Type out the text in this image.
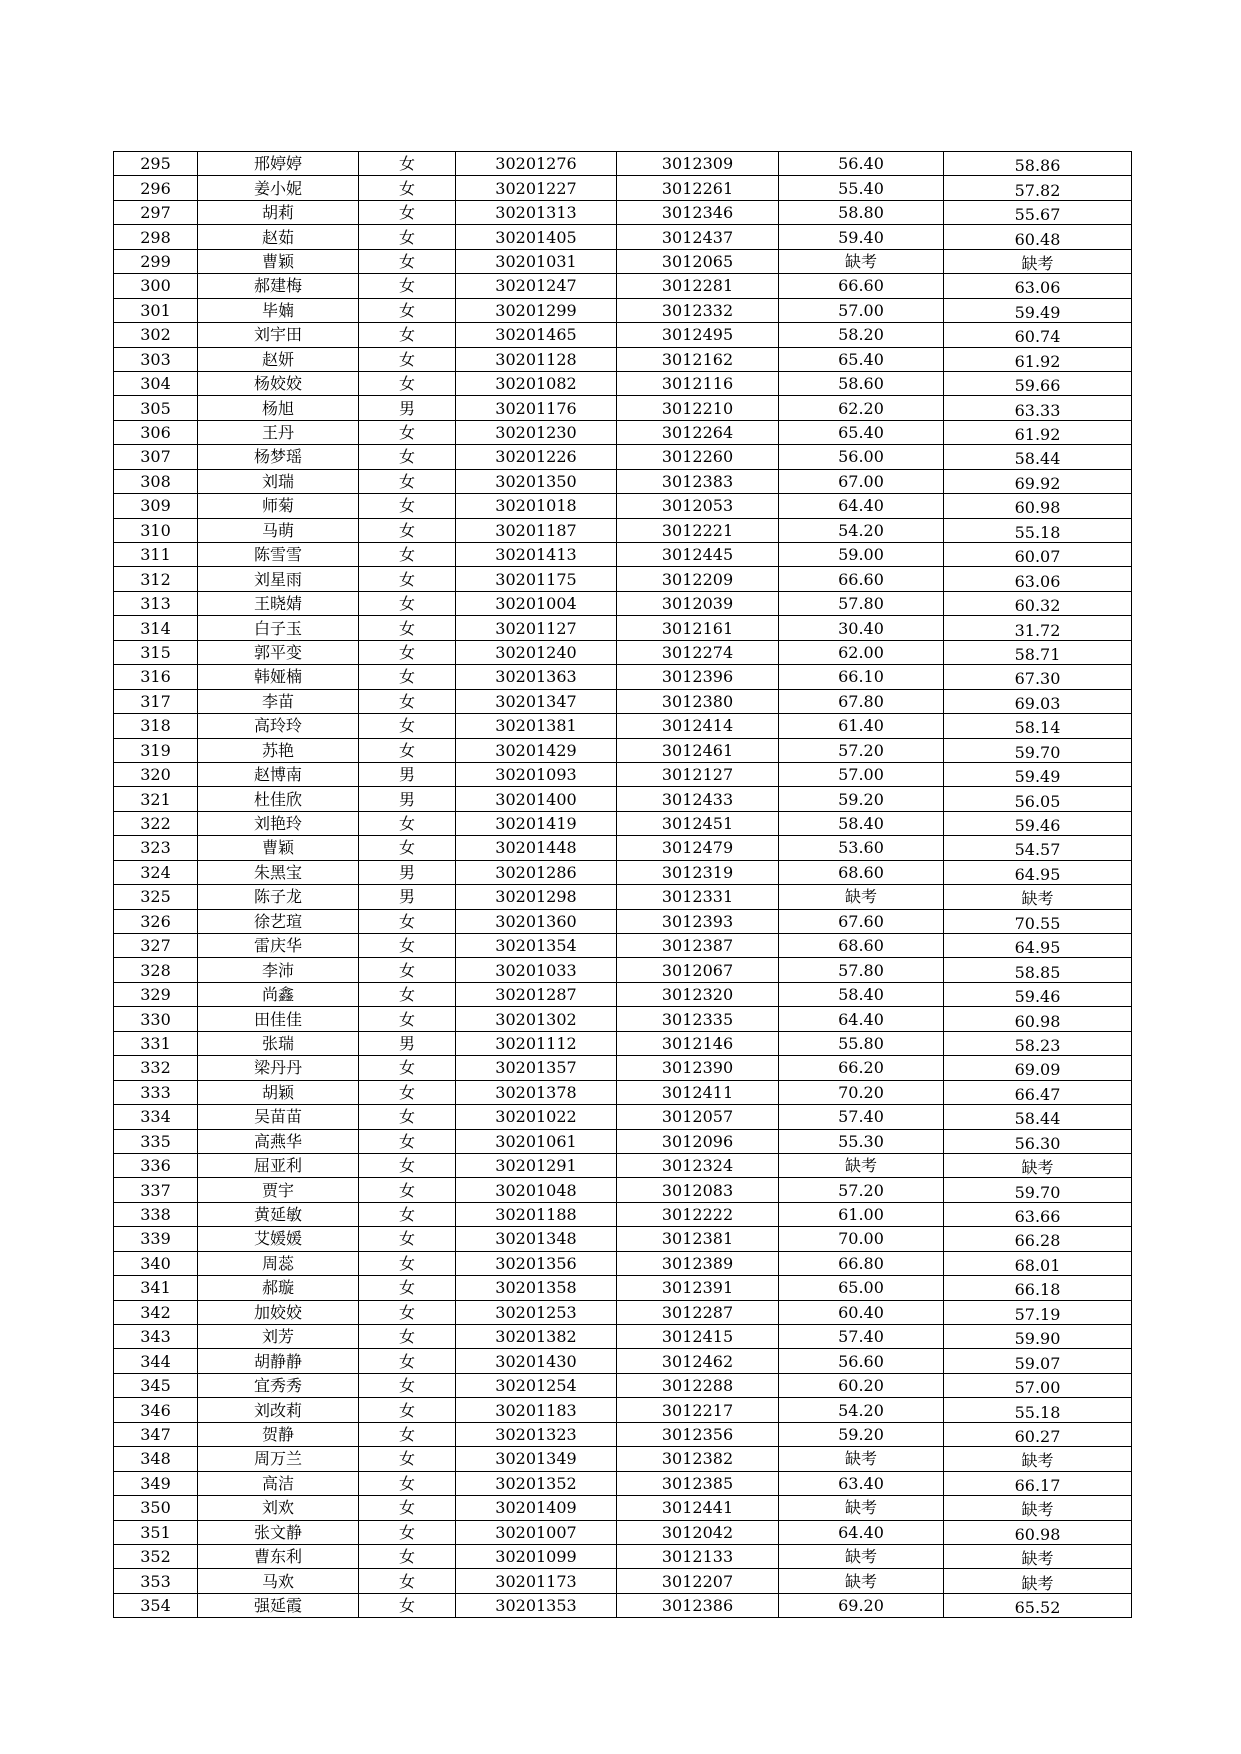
295	邢婷婷	女	30201276	3012309	56.40	58.86
296	姜小妮	女	30201227	3012261	55.40	57.82
297	胡莉	女	30201313	3012346	58.80	55.67
298	赵茹	女	30201405	3012437	59.40	60.48
299	曹颖	女	30201031	3012065	缺考	缺考
300	郝建梅	女	30201247	3012281	66.60	63.06
301	毕婻	女	30201299	3012332	57.00	59.49
302	刘宇田	女	30201465	3012495	58.20	60.74
303	赵妍	女	30201128	3012162	65.40	61.92
304	杨姣姣	女	30201082	3012116	58.60	59.66
305	杨旭	男	30201176	3012210	62.20	63.33
306	王丹	女	30201230	3012264	65.40	61.92
307	杨梦瑶	女	30201226	3012260	56.00	58.44
308	刘瑞	女	30201350	3012383	67.00	69.92
309	师菊	女	30201018	3012053	64.40	60.98
310	马萌	女	30201187	3012221	54.20	55.18
311	陈雪雪	女	30201413	3012445	59.00	60.07
312	刘星雨	女	30201175	3012209	66.60	63.06
313	王晓婧	女	30201004	3012039	57.80	60.32
314	白子玉	女	30201127	3012161	30.40	31.72
315	郭平变	女	30201240	3012274	62.00	58.71
316	韩娅楠	女	30201363	3012396	66.10	67.30
317	李苗	女	30201347	3012380	67.80	69.03
318	高玲玲	女	30201381	3012414	61.40	58.14
319	苏艳	女	30201429	3012461	57.20	59.70
320	赵博南	男	30201093	3012127	57.00	59.49
321	杜佳欣	男	30201400	3012433	59.20	56.05
322	刘艳玲	女	30201419	3012451	58.40	59.46
323	曹颖	女	30201448	3012479	53.60	54.57
324	朱黑宝	男	30201286	3012319	68.60	64.95
325	陈子龙	男	30201298	3012331	缺考	缺考
326	徐艺瑄	女	30201360	3012393	67.60	70.55
327	雷庆华	女	30201354	3012387	68.60	64.95
328	李沛	女	30201033	3012067	57.80	58.85
329	尚鑫	女	30201287	3012320	58.40	59.46
330	田佳佳	女	30201302	3012335	64.40	60.98
331	张瑞	男	30201112	3012146	55.80	58.23
332	梁丹丹	女	30201357	3012390	66.20	69.09
333	胡颖	女	30201378	3012411	70.20	66.47
334	吴苗苗	女	30201022	3012057	57.40	58.44
335	高燕华	女	30201061	3012096	55.30	56.30
336	屈亚利	女	30201291	3012324	缺考	缺考
337	贾宇	女	30201048	3012083	57.20	59.70
338	黄延敏	女	30201188	3012222	61.00	63.66
339	艾媛媛	女	30201348	3012381	70.00	66.28
340	周蕊	女	30201356	3012389	66.80	68.01
341	郝璇	女	30201358	3012391	65.00	66.18
342	加姣姣	女	30201253	3012287	60.40	57.19
343	刘芳	女	30201382	3012415	57.40	59.90
344	胡静静	女	30201430	3012462	56.60	59.07
345	宜秀秀	女	30201254	3012288	60.20	57.00
346	刘改莉	女	30201183	3012217	54.20	55.18
347	贺静	女	30201323	3012356	59.20	60.27
348	周万兰	女	30201349	3012382	缺考	缺考
349	高洁	女	30201352	3012385	63.40	66.17
350	刘欢	女	30201409	3012441	缺考	缺考
351	张文静	女	30201007	3012042	64.40	60.98
352	曹东利	女	30201099	3012133	缺考	缺考
353	马欢	女	30201173	3012207	缺考	缺考
354	强延霞	女	30201353	3012386	69.20	65.52
